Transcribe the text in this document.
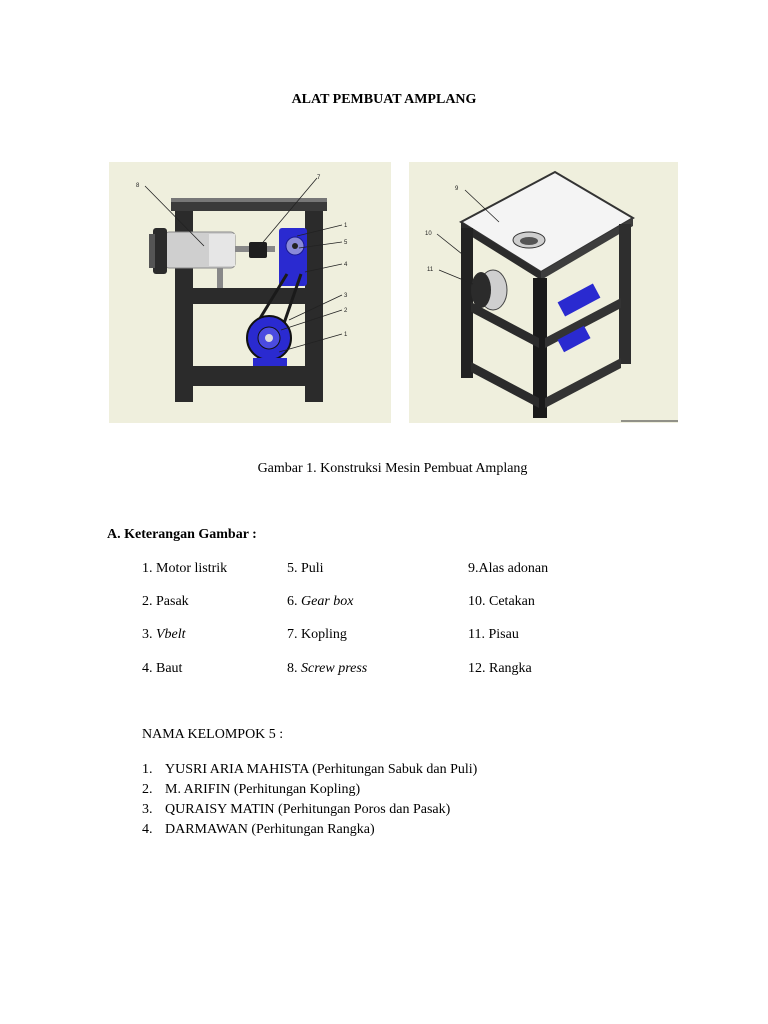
ALAT PEMBUAT AMPLANG
8
7
1
5
4
3
2
1
9
10
11
Gambar 1. Konstruksi Mesin Pembuat Amplang
A. Keterangan Gambar :
1. Motor listrik	5. Puli	9.Alas adonan
2. Pasak	6. Gear box	10. Cetakan
3. Vbelt	7. Kopling	11. Pisau
4. Baut	8. Screw press	12. Rangka
NAMA KELOMPOK 5 :
1. YUSRI ARIA MAHISTA (Perhitungan Sabuk dan Puli)
2. M. ARIFIN (Perhitungan Kopling)
3. QURAISY MATIN (Perhitungan Poros dan Pasak)
4. DARMAWAN (Perhitungan Rangka)
